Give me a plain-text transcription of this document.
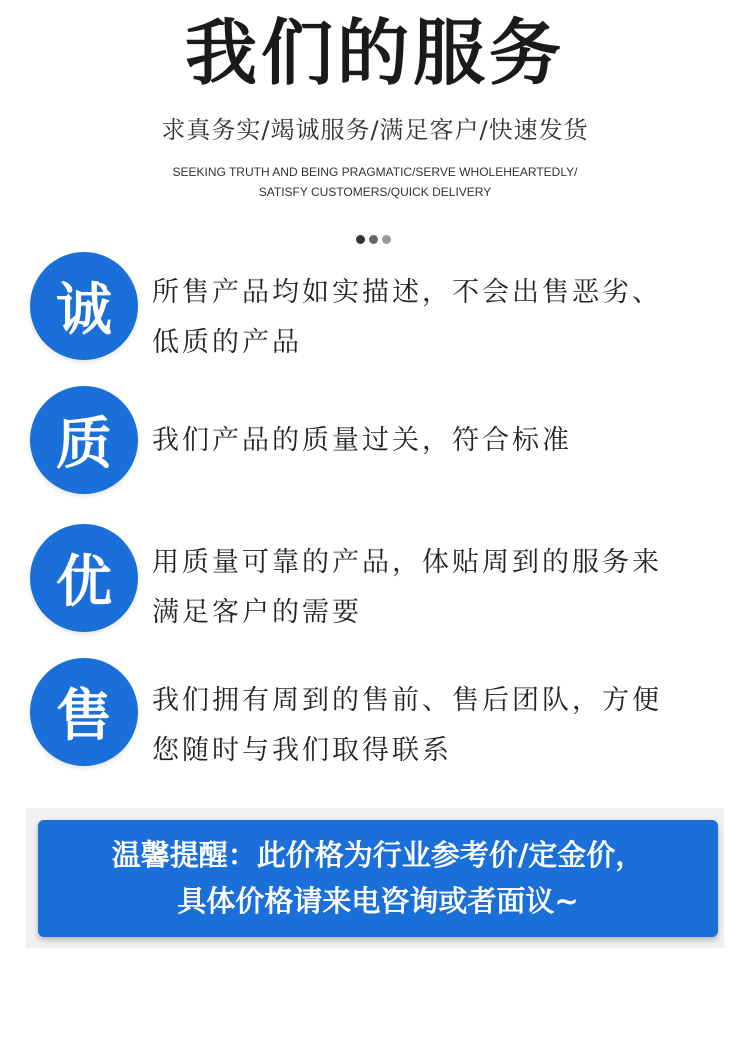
我们的服务
求真务实/竭诚服务/满足客户/快速发货
SEEKING TRUTH AND BEING PRAGMATIC/SERVE WHOLEHEARTEDLY/
SATISFY CUSTOMERS/QUICK DELIVERY
诚	所售产品均如实描述，不会出售恶劣、
低质的产品
质	我们产品的质量过关，符合标准
优	用质量可靠的产品，体贴周到的服务来
满足客户的需要
售	我们拥有周到的售前、售后团队，方便
您随时与我们取得联系
温馨提醒：此价格为行业参考价/定金价，
具体价格请来电咨询或者面议~
